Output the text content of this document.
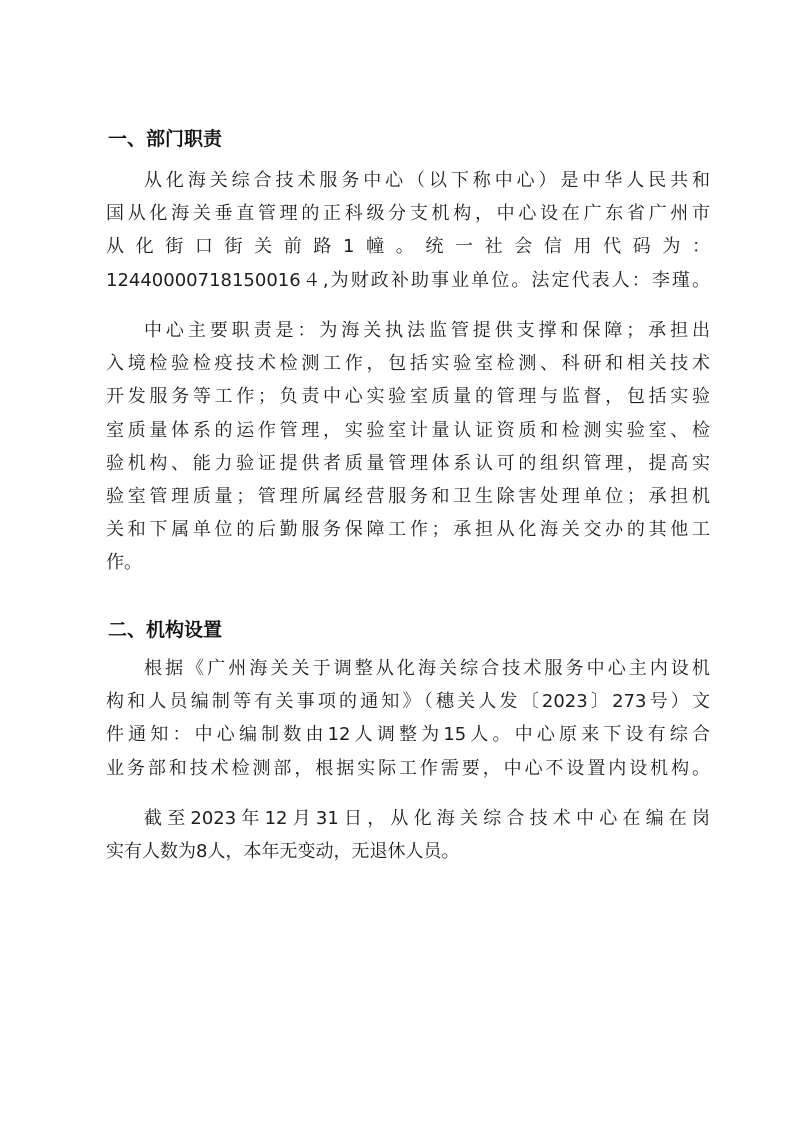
一、部门职责
从化海关综合技术服务中心（以下称中心）是中华人民共和
国从化海关垂直管理的正科级分支机构，中心设在广东省广州市
从化街口街关前路1幢。统一社会信用代码为：
12440000718150016４,为财政补助事业单位。法定代表人：李瑾。
中心主要职责是：为海关执法监管提供支撑和保障；承担出
入境检验检疫技术检测工作，包括实验室检测、科研和相关技术
开发服务等工作；负责中心实验室质量的管理与监督，包括实验
室质量体系的运作管理，实验室计量认证资质和检测实验室、检
验机构、能力验证提供者质量管理体系认可的组织管理，提高实
验室管理质量；管理所属经营服务和卫生除害处理单位；承担机
关和下属单位的后勤服务保障工作；承担从化海关交办的其他工
作。
二、机构设置
根据《广州海关关于调整从化海关综合技术服务中心主内设机
构和人员编制等有关事项的通知》（穗关人发〔2023〕273号）文
件通知：中心编制数由12人调整为15人。中心原来下设有综合
业务部和技术检测部，根据实际工作需要，中心不设置内设机构。
截至2023年12月31日，从化海关综合技术中心在编在岗
实有人数为8人，本年无变动，无退休人员。
